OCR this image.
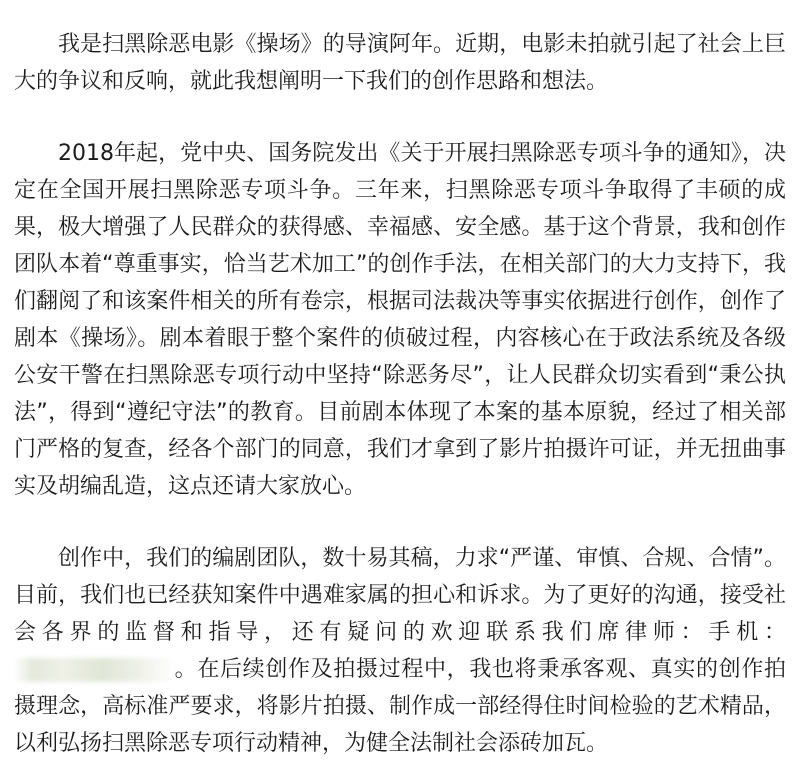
我是扫黑除恶电影《操场》的导演阿年。近期，电影未拍就引起了社会上巨大的争议和反响，就此我想阐明一下我们的创作思路和想法。

2018年起，党中央、国务院发出《关于开展扫黑除恶专项斗争的通知》，决定在全国开展扫黑除恶专项斗争。三年来，扫黑除恶专项斗争取得了丰硕的成果，极大增强了人民群众的获得感、幸福感、安全感。基于这个背景，我和创作团队本着“尊重事实，恰当艺术加工”的创作手法，在相关部门的大力支持下，我们翻阅了和该案件相关的所有卷宗，根据司法裁决等事实依据进行创作，创作了剧本《操场》。剧本着眼于整个案件的侦破过程，内容核心在于政法系统及各级公安干警在扫黑除恶专项行动中坚持“除恶务尽”，让人民群众切实看到“秉公执法”，得到“遵纪守法”的教育。目前剧本体现了本案的基本原貌，经过了相关部门严格的复查，经各个部门的同意，我们才拿到了影片拍摄许可证，并无扭曲事实及胡编乱造，这点还请大家放心。

创作中，我们的编剧团队，数十易其稿，力求“严谨、审慎、合规、合情”。目前，我们也已经获知案件中遇难家属的担心和诉求。为了更好的沟通，接受社会各界的监督和指导，还有疑问的欢迎联系我们席律师：手机：。在后续创作及拍摄过程中，我也将秉承客观、真实的创作拍摄理念，高标准严要求，将影片拍摄、制作成一部经得住时间检验的艺术精品，以利弘扬扫黑除恶专项行动精神，为健全法制社会添砖加瓦。
